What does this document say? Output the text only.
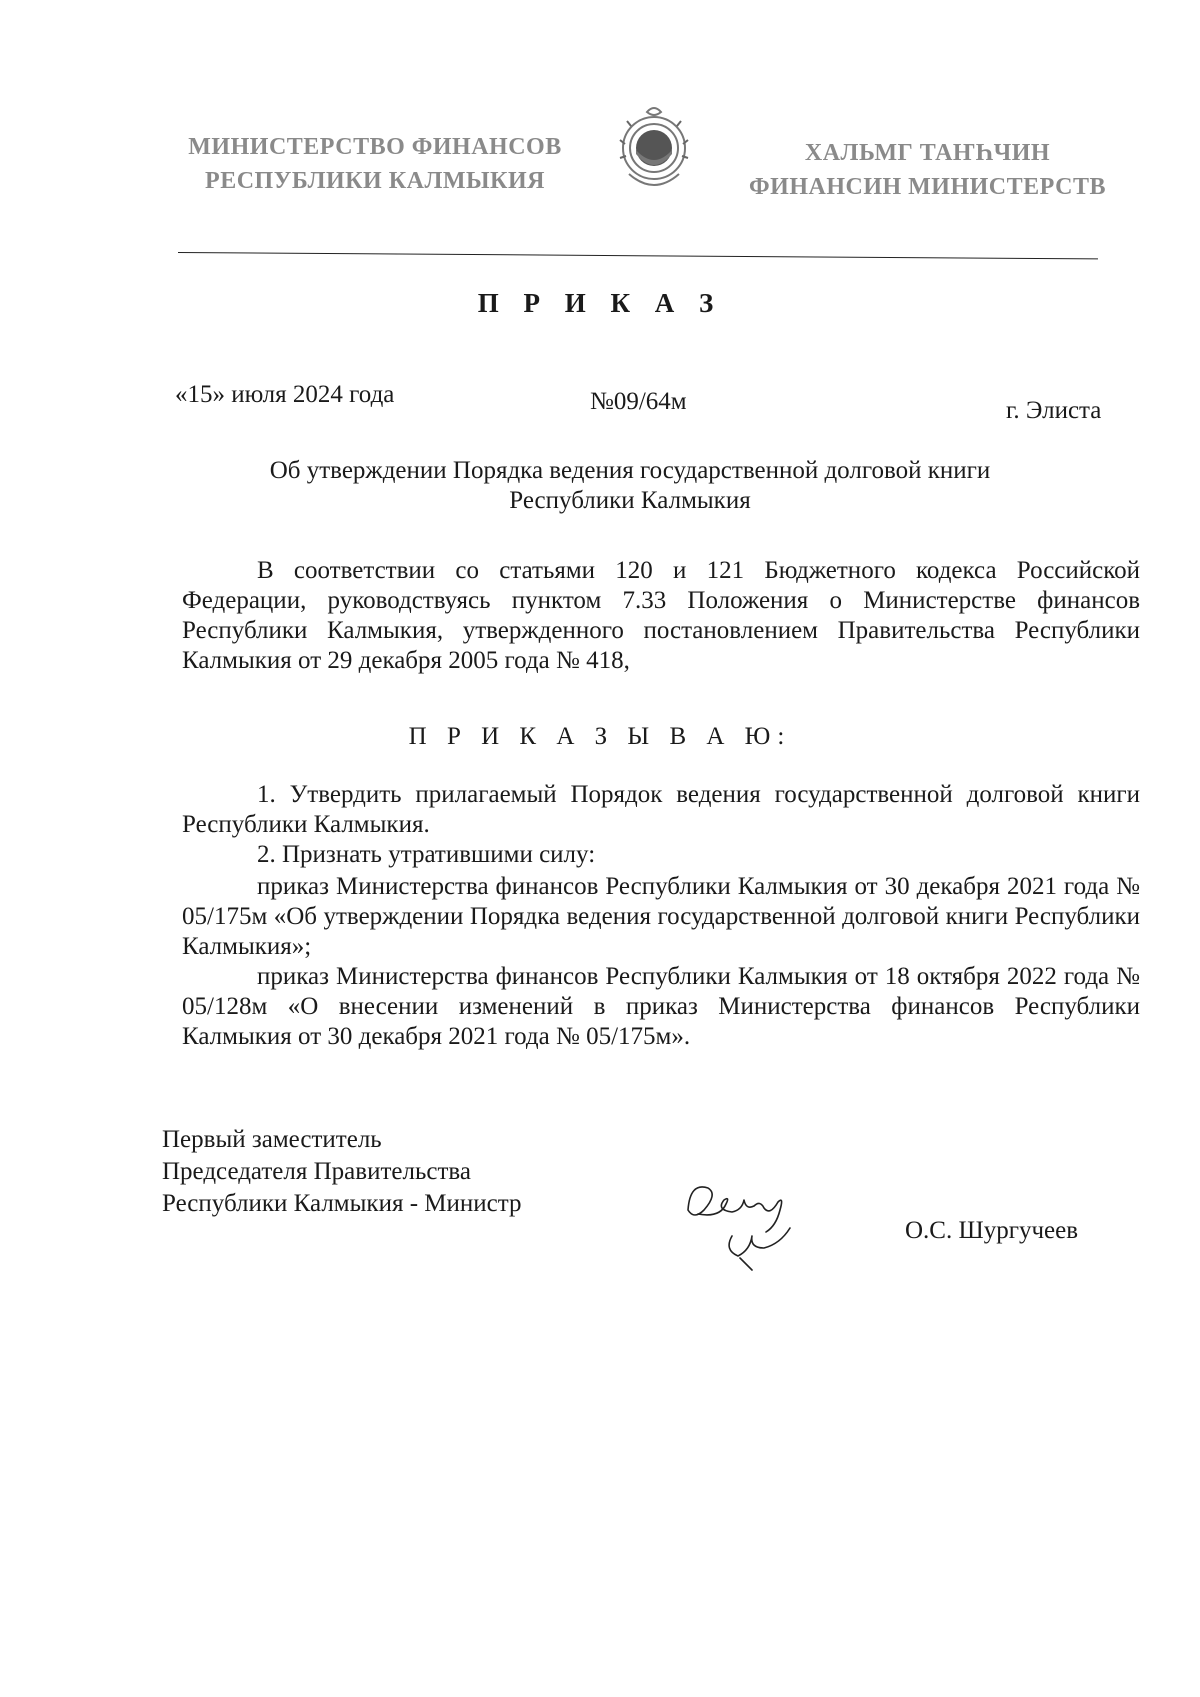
МИНИСТЕРСТВО ФИНАНСОВ
РЕСПУБЛИКИ КАЛМЫКИЯ
ХАЛЬМГ ТАҤҺЧИН
ФИНАНСИН МИНИСТЕРСТВ
П Р И К А З
«15» июля 2024 года	№09/64м	г. Элиста
Об утверждении Порядка ведения государственной долговой книги
Республики Калмыкия
В соответствии со статьями 120 и 121 Бюджетного кодекса Российской Федерации, руководствуясь пунктом 7.33 Положения о Министерстве финансов Республики Калмыкия, утвержденного постановлением Правительства Республики Калмыкия от 29 декабря 2005 года № 418,
П Р И К А З Ы В А Ю:
1. Утвердить прилагаемый Порядок ведения государственной долговой книги Республики Калмыкия.
2. Признать утратившими силу:
приказ Министерства финансов Республики Калмыкия от 30 декабря 2021 года № 05/175м «Об утверждении Порядка ведения государственной долговой книги Республики Калмыкия»;
приказ Министерства финансов Республики Калмыкия от 18 октября 2022 года № 05/128м «О внесении изменений в приказ Министерства финансов Республики Калмыкия от 30 декабря 2021 года № 05/175м».
Первый заместитель
Председателя Правительства
Республики Калмыкия - Министр
О.С. Шургучеев
